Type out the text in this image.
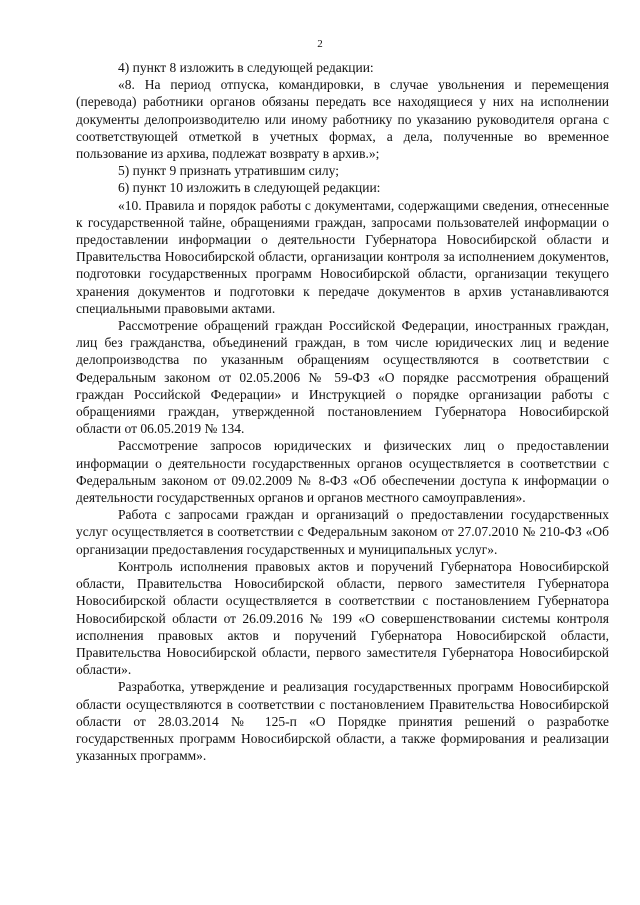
2

4) пункт 8 изложить в следующей редакции:

«8. На период отпуска, командировки, в случае увольнения и перемещения (перевода) работники органов обязаны передать все находящиеся у них на исполнении документы делопроизводителю или иному работнику по указанию руководителя органа с соответствующей отметкой в учетных формах, а дела, полученные во временное пользование из архива, подлежат возврату в архив.»;

5) пункт 9 признать утратившим силу;

6) пункт 10 изложить в следующей редакции:

«10. Правила и порядок работы с документами, содержащими сведения, отнесенные к государственной тайне, обращениями граждан, запросами пользователей информации о предоставлении информации о деятельности Губернатора Новосибирской области и Правительства Новосибирской области, организации контроля за исполнением документов, подготовки государственных программ Новосибирской области, организации текущего хранения документов и подготовки к передаче документов в архив устанавливаются специальными правовыми актами.

Рассмотрение обращений граждан Российской Федерации, иностранных граждан, лиц без гражданства, объединений граждан, в том числе юридических лиц и ведение делопроизводства по указанным обращениям осуществляются в соответствии с Федеральным законом от 02.05.2006 № 59-ФЗ «О порядке рассмотрения обращений граждан Российской Федерации» и Инструкцией о порядке организации работы с обращениями граждан, утвержденной постановлением Губернатора Новосибирской области от 06.05.2019 № 134.

Рассмотрение запросов юридических и физических лиц о предоставлении информации о деятельности государственных органов осуществляется в соответствии с Федеральным законом от 09.02.2009 № 8-ФЗ «Об обеспечении доступа к информации о деятельности государственных органов и органов местного самоуправления».

Работа с запросами граждан и организаций о предоставлении государственных услуг осуществляется в соответствии с Федеральным законом от 27.07.2010 № 210-ФЗ «Об организации предоставления государственных и муниципальных услуг».

Контроль исполнения правовых актов и поручений Губернатора Новосибирской области, Правительства Новосибирской области, первого заместителя Губернатора Новосибирской области осуществляется в соответствии с постановлением Губернатора Новосибирской области от 26.09.2016 № 199 «О совершенствовании системы контроля исполнения правовых актов и поручений Губернатора Новосибирской области, Правительства Новосибирской области, первого заместителя Губернатора Новосибирской области».

Разработка, утверждение и реализация государственных программ Новосибирской области осуществляются в соответствии с постановлением Правительства Новосибирской области от 28.03.2014 № 125-п «О Порядке принятия решений о разработке государственных программ Новосибирской области, а также формирования и реализации указанных программ».
